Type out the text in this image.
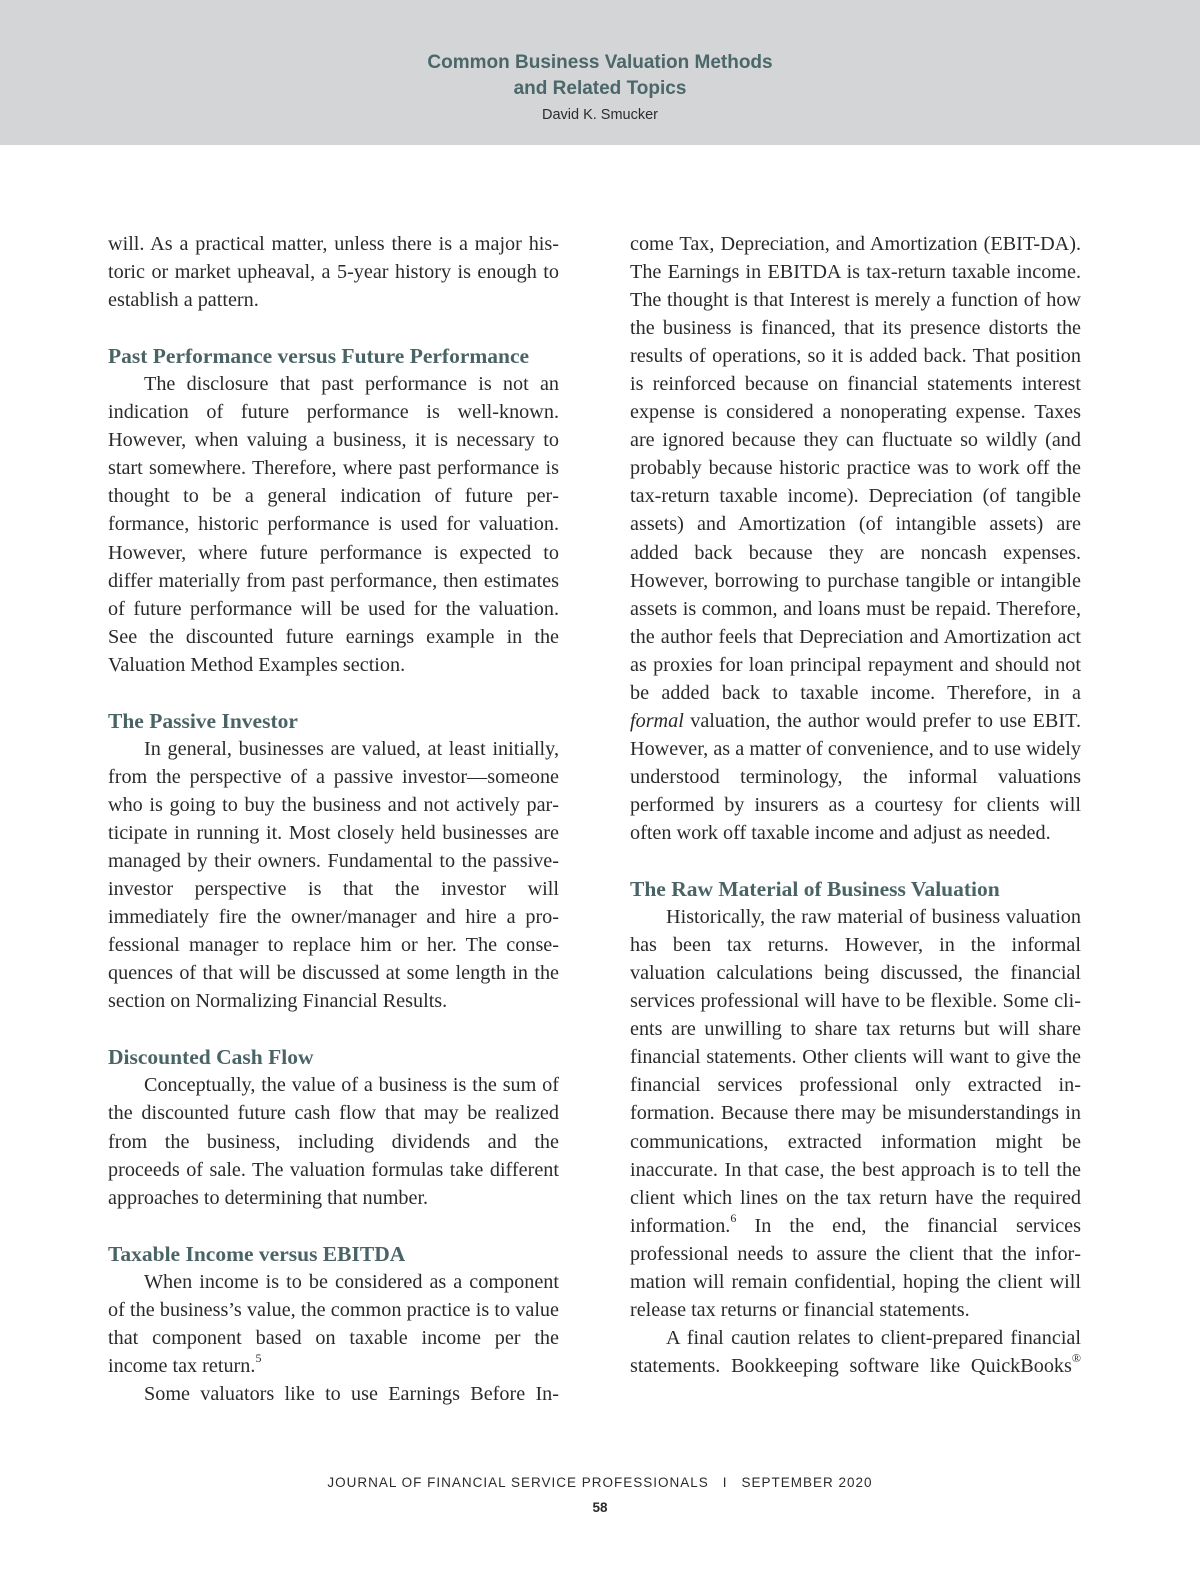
Common Business Valuation Methods
and Related Topics
David K. Smucker

will. As a practical matter, unless there is a major historic or market upheaval, a 5-year history is enough to establish a pattern.

Past Performance versus Future Performance

The disclosure that past performance is not an indication of future performance is well-known. However, when valuing a business, it is necessary to start somewhere. Therefore, where past performance is thought to be a general indication of future performance, historic performance is used for valuation. However, where future performance is expected to differ materially from past performance, then estimates of future performance will be used for the valuation. See the discounted future earnings example in the Valuation Method Examples section.

The Passive Investor

In general, businesses are valued, at least initially, from the perspective of a passive investor—someone who is going to buy the business and not actively participate in running it. Most closely held businesses are managed by their owners. Fundamental to the passive-investor perspective is that the investor will immediately fire the owner/manager and hire a professional manager to replace him or her. The consequences of that will be discussed at some length in the section on Normalizing Financial Results.

Discounted Cash Flow

Conceptually, the value of a business is the sum of the discounted future cash flow that may be realized from the business, including dividends and the proceeds of sale. The valuation formulas take different approaches to determining that number.

Taxable Income versus EBITDA

When income is to be considered as a component of the business’s value, the common practice is to value that component based on taxable income per the income tax return.$^5$

Some valuators like to use Earnings Before In-

come Tax, Depreciation, and Amortization (EBIT-DA). The Earnings in EBITDA is tax-return taxable income. The thought is that Interest is merely a function of how the business is financed, that its presence distorts the results of operations, so it is added back. That position is reinforced because on financial statements interest expense is considered a nonoperating expense. Taxes are ignored because they can fluctuate so wildly (and probably because historic practice was to work off the tax-return taxable income). Depreciation (of tangible assets) and Amortization (of intangible assets) are added back because they are noncash expenses. However, borrowing to purchase tangible or intangible assets is common, and loans must be repaid. Therefore, the author feels that Depreciation and Amortization act as proxies for loan principal repayment and should not be added back to taxable income. Therefore, in a formal valuation, the author would prefer to use EBIT. However, as a matter of convenience, and to use widely understood terminology, the informal valuations performed by insurers as a courtesy for clients will often work off taxable income and adjust as needed.

The Raw Material of Business Valuation

Historically, the raw material of business valuation has been tax returns. However, in the informal valuation calculations being discussed, the financial services professional will have to be flexible. Some clients are unwilling to share tax returns but will share financial statements. Other clients will want to give the financial services professional only extracted information. Because there may be misunderstandings in communications, extracted information might be inaccurate. In that case, the best approach is to tell the client which lines on the tax return have the required information.$^6$ In the end, the financial services professional needs to assure the client that the information will remain confidential, hoping the client will release tax returns or financial statements.

A final caution relates to client-prepared financial statements. Bookkeeping software like QuickBooks®

JOURNAL OF FINANCIAL SERVICE PROFESSIONALS I SEPTEMBER 2020
58
